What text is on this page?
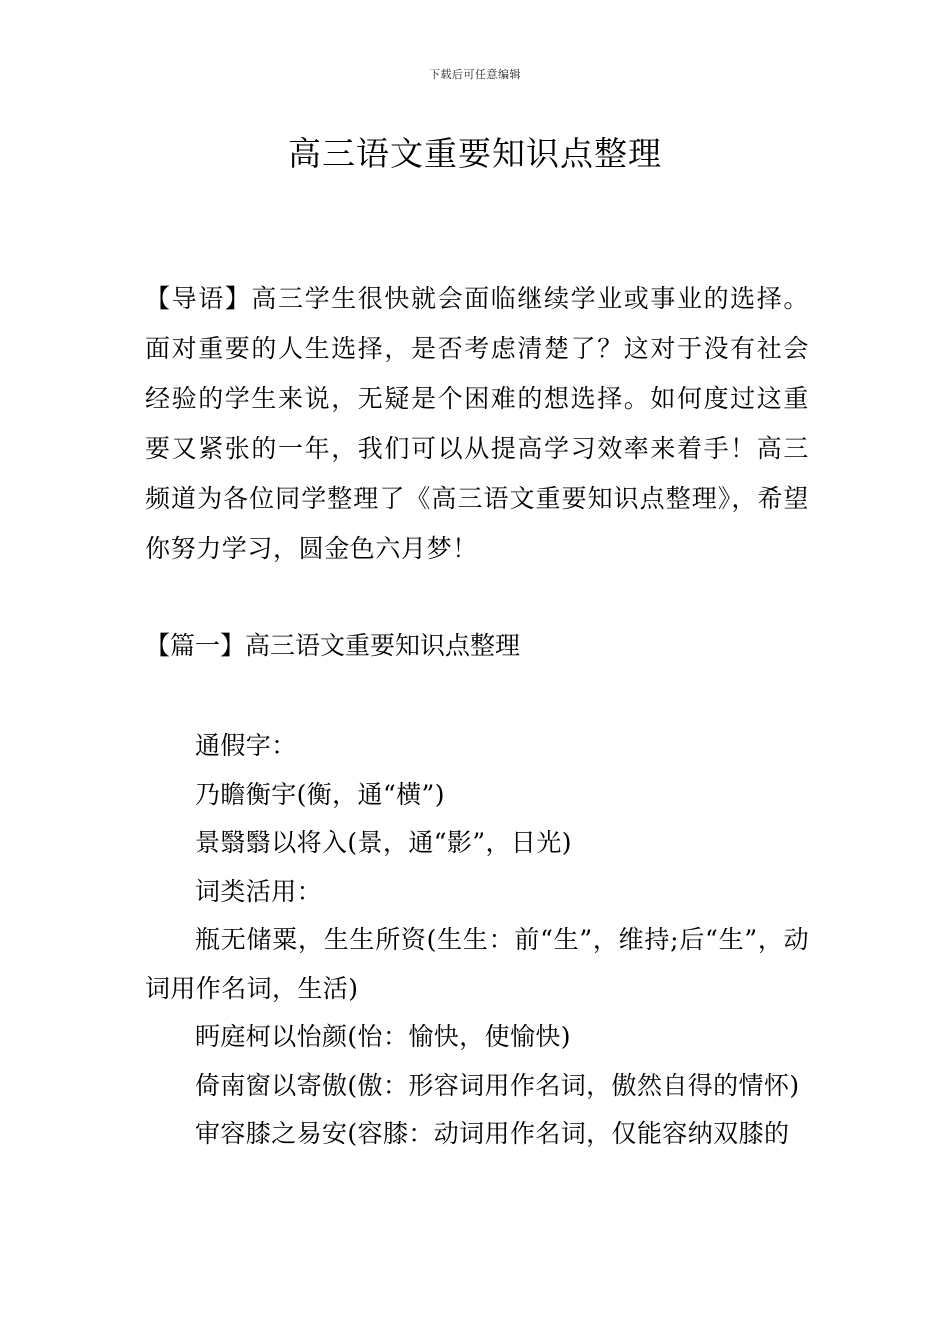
下载后可任意编辑
高三语文重要知识点整理

【导语】高三学生很快就会面临继续学业或事业的选择。面对重要的人生选择，是否考虑清楚了？这对于没有社会经验的学生来说，无疑是个困难的想选择。如何度过这重要又紧张的一年，我们可以从提高学习效率来着手！高三频道为各位同学整理了《高三语文重要知识点整理》，希望你努力学习，圆金色六月梦！

【篇一】高三语文重要知识点整理

通假字：

乃瞻衡宇(衡，通“横”)

景翳翳以将入(景，通“影”，日光)

词类活用：

瓶无储粟，生生所资(生生：前“生”，维持;后“生”，动词用作名词，生活)

眄庭柯以怡颜(怡：愉快，使愉快)

倚南窗以寄傲(傲：形容词用作名词，傲然自得的情怀)

审容膝之易安(容膝：动词用作名词，仅能容纳双膝的
